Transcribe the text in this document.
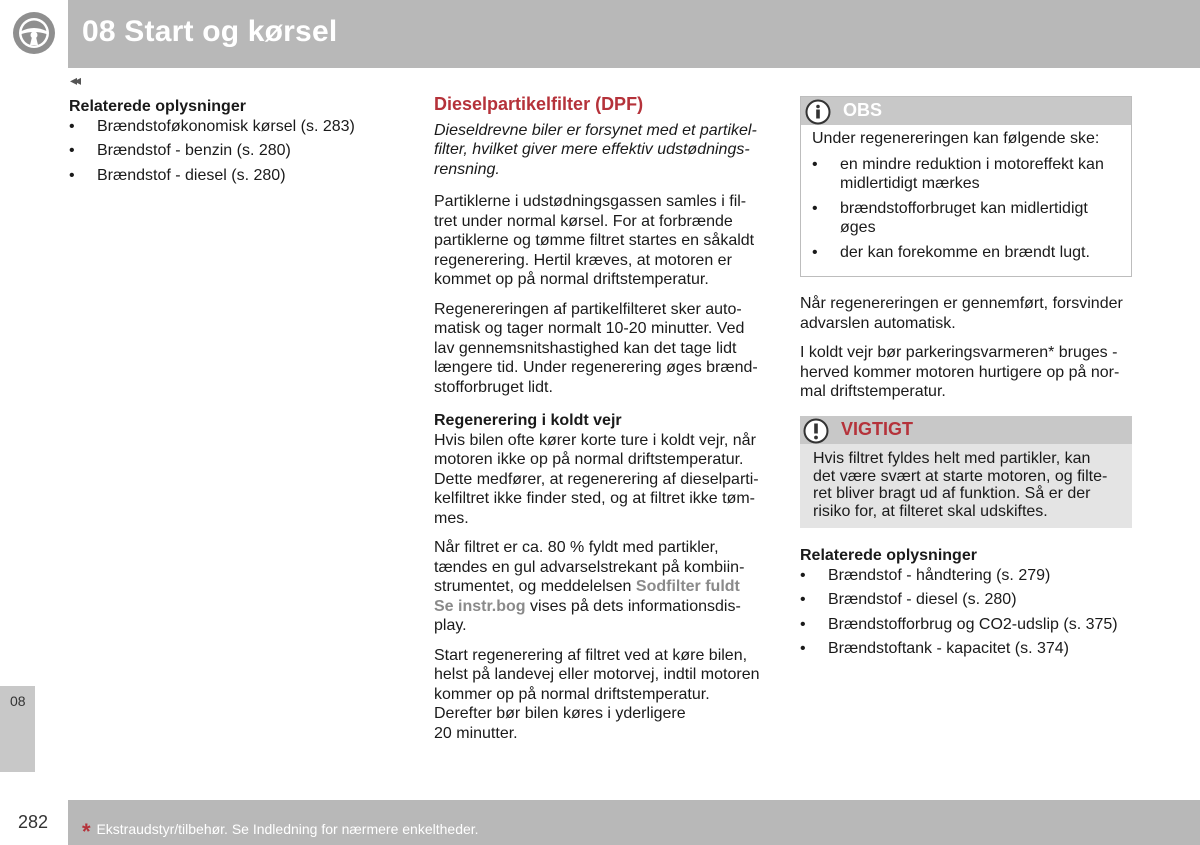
08 Start og kørsel
◂◂

Relaterede oplysninger

• Brændstoføkonomisk kørsel (s. 283)
• Brændstof - benzin (s. 280)
• Brændstof - diesel (s. 280)

Dieselpartikelfilter (DPF)

Dieseldrevne biler er forsynet med et partikel-
filter, hvilket giver mere effektiv udstødnings-
rensning.

Partiklerne i udstødningsgassen samles i fil-
tret under normal kørsel. For at forbrænde
partiklerne og tømme filtret startes en såkaldt
regenerering. Hertil kræves, at motoren er
kommet op på normal driftstemperatur.

Regenereringen af partikelfilteret sker auto-
matisk og tager normalt 10-20 minutter. Ved
lav gennemsnitshastighed kan det tage lidt
længere tid. Under regenerering øges brænd-
stofforbruget lidt.

Regenerering i koldt vejr

Hvis bilen ofte kører korte ture i koldt vejr, når
motoren ikke op på normal driftstemperatur.
Dette medfører, at regenerering af dieselparti-
kelfiltret ikke finder sted, og at filtret ikke tøm-
mes.

Når filtret er ca. 80 % fyldt med partikler,
tændes en gul advarselstrekant på kombiin-
strumentet, og meddelelsen Sodfilter fuldt
Se instr.bog vises på dets informationsdis-
play.

Start regenerering af filtret ved at køre bilen,
helst på landevej eller motorvej, indtil motoren
kommer op på normal driftstemperatur.
Derefter bør bilen køres i yderligere
20 minutter.

OBS

Under regenereringen kan følgende ske:

• en mindre reduktion i motoreffekt kan
midlertidigt mærkes
• brændstofforbruget kan midlertidigt
øges
• der kan forekomme en brændt lugt.

Når regenereringen er gennemført, forsvinder
advarslen automatisk.

I koldt vejr bør parkeringsvarmeren* bruges -
herved kommer motoren hurtigere op på nor-
mal driftstemperatur.

VIGTIGT
Hvis filtret fyldes helt med partikler, kan
det være svært at starte motoren, og filte-
ret bliver bragt ud af funktion. Så er der
risiko for, at filteret skal udskiftes.

Relaterede oplysninger

• Brændstof - håndtering (s. 279)
• Brændstof - diesel (s. 280)
• Brændstofforbrug og CO2-udslip (s. 375)
• Brændstoftank - kapacitet (s. 374)
08
282 * Ekstraudstyr/tilbehør. Se Indledning for nærmere enkeltheder.
